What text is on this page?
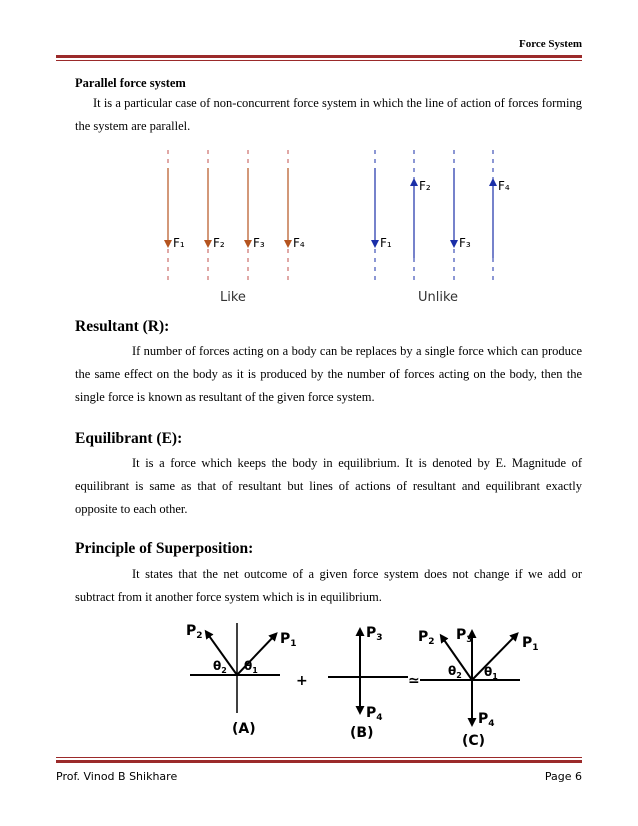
Force System
Parallel force system
It is a particular case of non-concurrent force system in which the line of action of forces forming the system are parallel.
F₁ F₂ F₃ F₄
Like
F₁
F₂
F₃
F₄
Unlike
Resultant (R):
If number of forces acting on a body can be replaces by a single force which can produce the same effect on the body as it is produced by the number of forces acting on the body, then the single force is known as resultant of the given force system.
Equilibrant (E):
It is a force which keeps the body in equilibrium. It is denoted by E. Magnitude of equilibrant is same as that of resultant but lines of actions of resultant and equilibrant exactly opposite to each other.
Principle of Superposition:
It states that the net outcome of a given force system does not change if we add or subtract from it another force system which is in equilibrium.
$P_2$	$P_1$
$\theta_2$ $\theta_1$
+
$P_3$
$P_4$
≃
$P_2$ $P_3$	$P_1$
$\theta_2$ $\theta_1$
$P_4$
(A)	(B)	(C)
Prof. Vinod B Shikhare	Page 6
